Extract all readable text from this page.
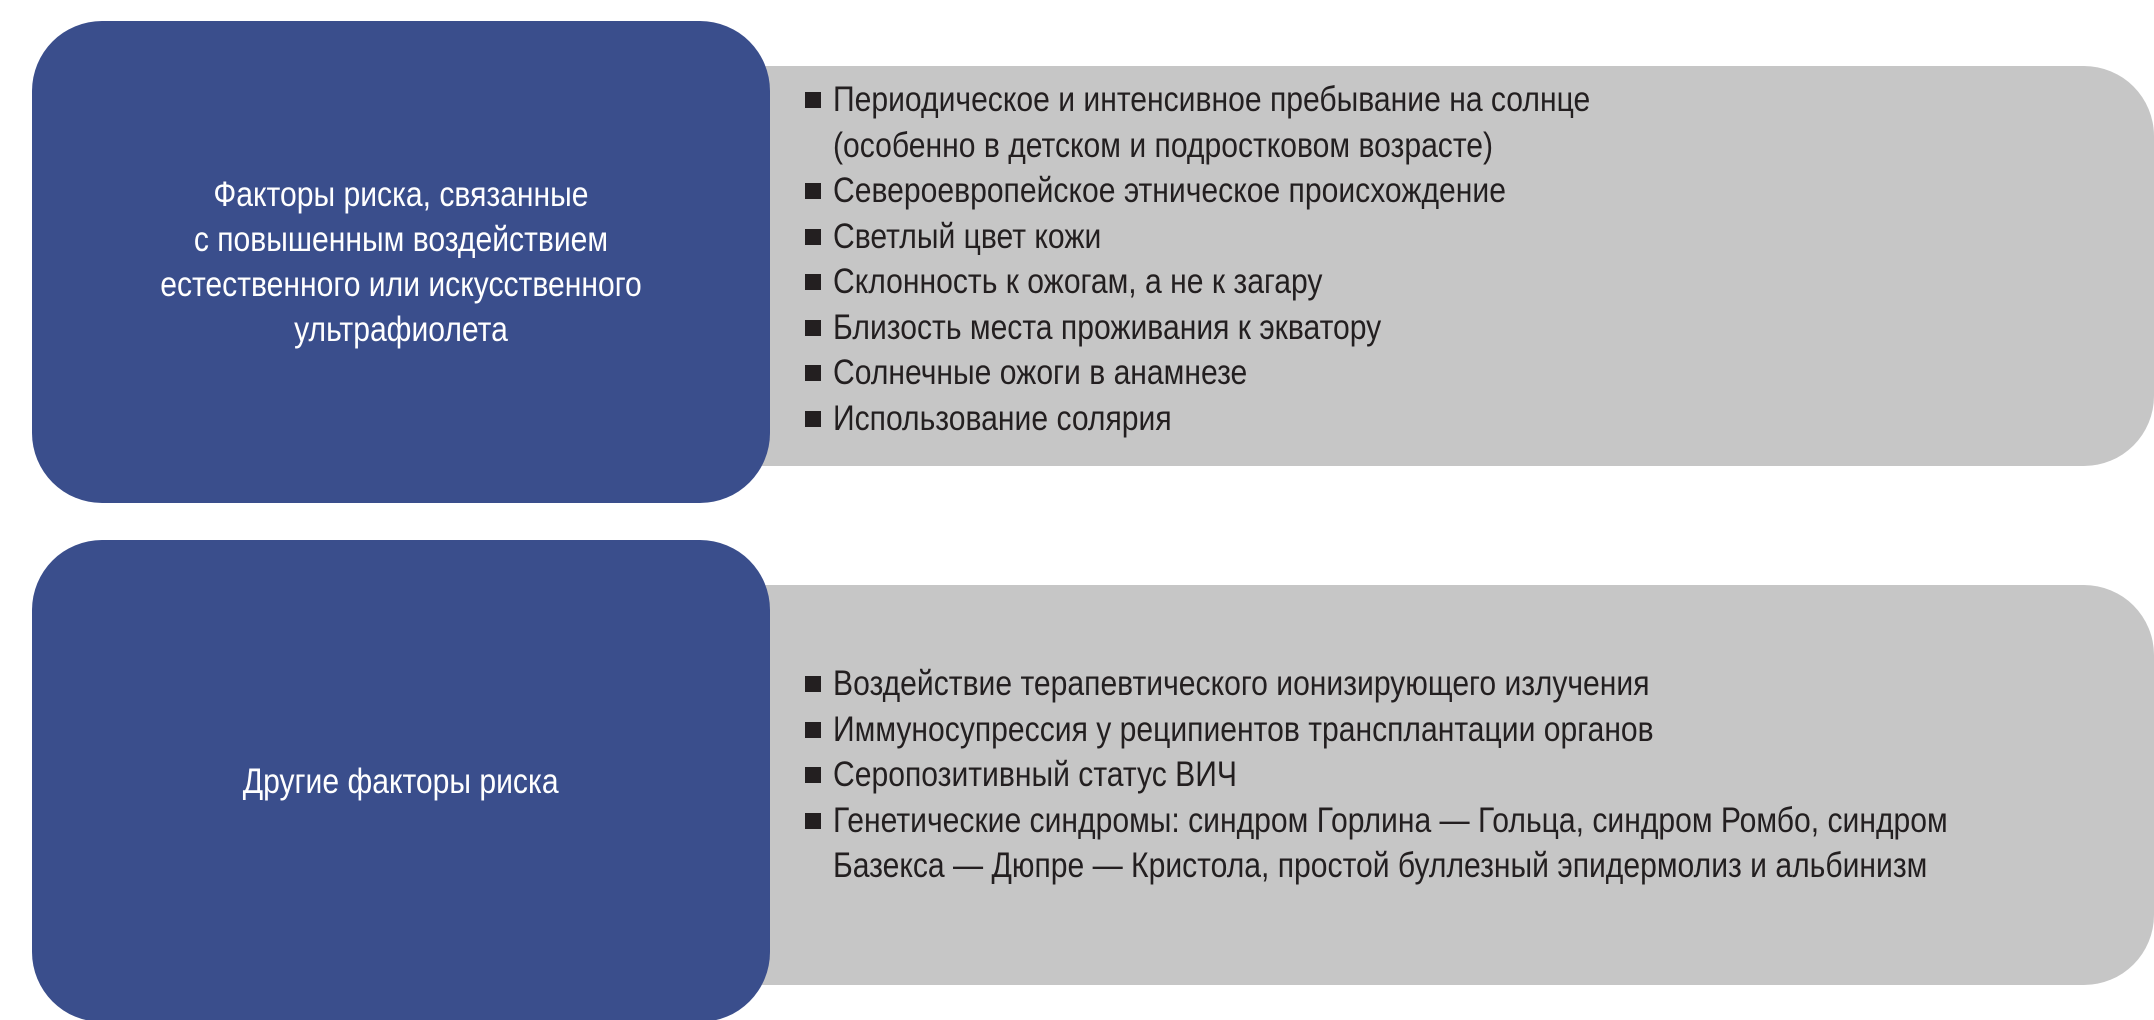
Факторы риска, связанные
с повышенным воздействием
естественного или искусственного
ультрафиолета
Периодическое и интенсивное пребывание на солнце
(особенно в детском и подростковом возрасте)
Североевропейское этническое происхождение
Светлый цвет кожи
Склонность к ожогам, а не к загару
Близость места проживания к экватору
Солнечные ожоги в анамнезе
Использование солярия
Другие факторы риска
Воздействие терапевтического ионизирующего излучения
Иммуносупрессия у реципиентов трансплантации органов
Серопозитивный статус ВИЧ
Генетические синдромы: синдром Горлина — Гольца, синдром Ромбо, синдром
Базекса — Дюпре — Кристола, простой буллезный эпидермолиз и альбинизм
